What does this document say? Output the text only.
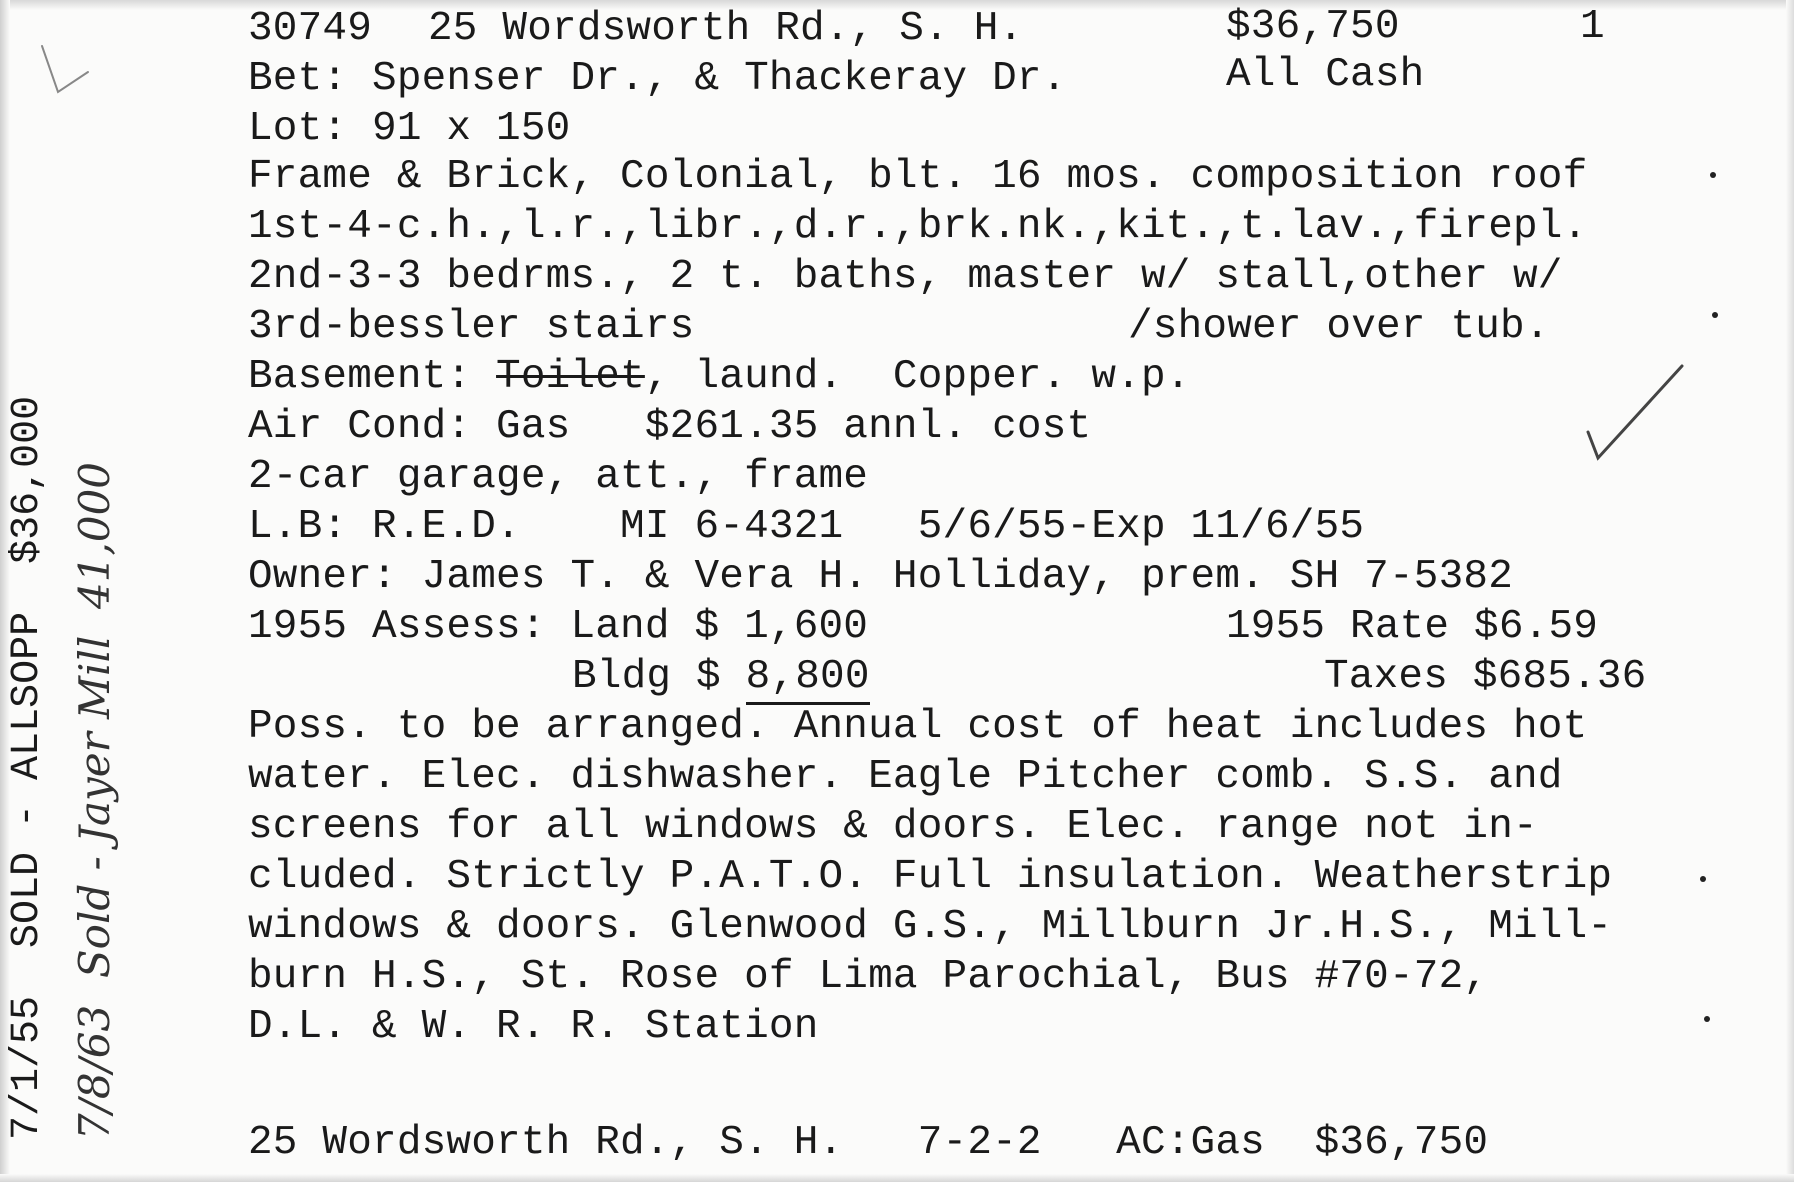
30749 25 Wordsworth Rd., S. H.	$36,750	1
Bet: Spenser Dr., & Thackeray Dr.	All Cash
Lot: 91 x 150
Frame & Brick, Colonial, blt. 16 mos. composition roof
1st-4-c.h.,l.r.,libr.,d.r.,brk.nk.,kit.,t.lav.,firepl.
2nd-3-3 bedrms., 2 t. baths, master w/ stall,other w/
3rd-bessler stairs	/shower over tub.
Basement: Toilet, laund.  Copper. w.p.
Air Cond: Gas   $261.35 annl. cost
2-car garage, att., frame
L.B: R.E.D.    MI 6-4321   5/6/55-Exp 11/6/55
Owner: James T. & Vera H. Holliday, prem. SH 7-5382
1955 Assess: Land $ 1,600	1955 Rate $6.59
Bldg $ 8,800	Taxes $685.36
Poss. to be arranged. Annual cost of heat includes hot
water. Elec. dishwasher. Eagle Pitcher comb. S.S. and
screens for all windows & doors. Elec. range not in-
cluded. Strictly P.A.T.O. Full insulation. Weatherstrip
windows & doors. Glenwood G.S., Millburn Jr.H.S., Mill-
burn H.S., St. Rose of Lima Parochial, Bus #70-72,
D.L. & W. R. R. Station
25 Wordsworth Rd., S. H.   7-2-2   AC:Gas  $36,750
7/1/55  SOLD - ALLSOPP  $36,000 7/8/63  Sold - Jayer Mill  41,000
